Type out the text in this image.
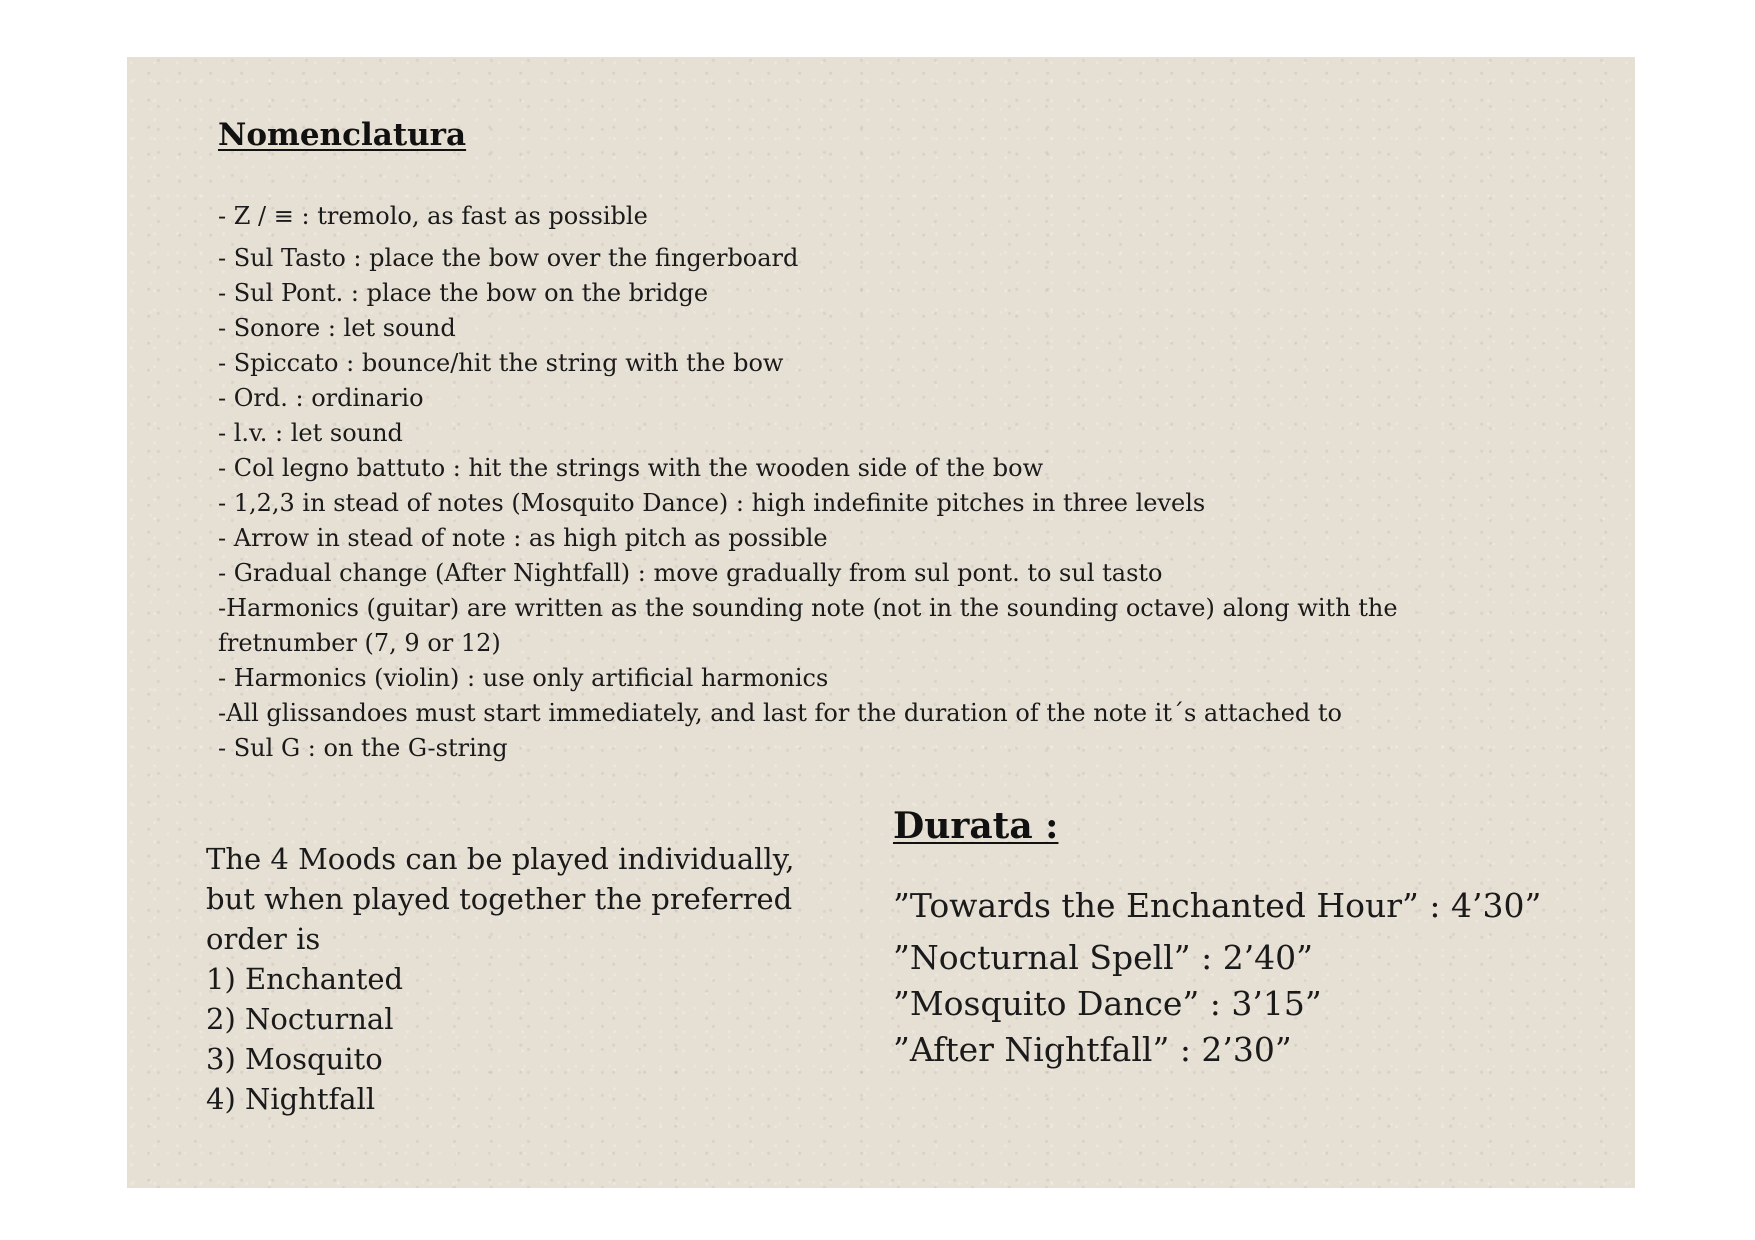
Nomenclatura
- Z / ≡ : tremolo, as fast as possible
- Sul Tasto : place the bow over the fingerboard
- Sul Pont. : place the bow on the bridge
- Sonore : let sound
- Spiccato : bounce/hit the string with the bow
- Ord. : ordinario
- l.v. : let sound
- Col legno battuto : hit the strings with the wooden side of the bow
- 1,2,3 in stead of notes (Mosquito Dance) : high indefinite pitches in three levels
- Arrow in stead of note : as high pitch as possible
- Gradual change (After Nightfall) : move gradually from sul pont. to sul tasto
-Harmonics (guitar) are written as the sounding note (not in the sounding octave) along with the
fretnumber (7, 9 or 12)
- Harmonics (violin) : use only artificial harmonics
-All glissandoes must start immediately, and last for the duration of the note it´s attached to
- Sul G : on the G-string

The 4 Moods can be played individually,

but when played together the preferred

order is

1) Enchanted
2) Nocturnal
3) Mosquito
4) Nightfall
Durata :
”Towards the Enchanted Hour” : 4’30”
”Nocturnal Spell” : 2’40”
”Mosquito Dance” : 3’15”
”After Nightfall” : 2’30”
